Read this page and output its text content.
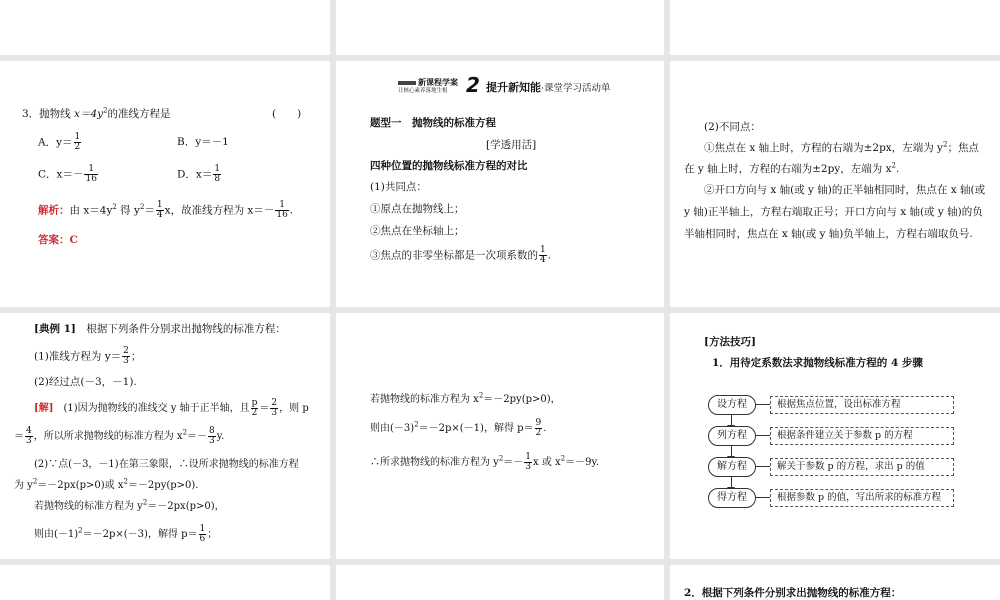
3．抛物线 $x=4y^2$的准线方程是	(　　)
A．$y= \frac{1}{2}$	B．y＝－1
C．$x=- \frac{1}{16}$	D．$x= \frac{1}{8}$
解析：由 $x=4y^2$ 得 $y^2= \frac{1}{4}$ x，故准线方程为 $x=- \frac{1}{16}$ .
答案：C
新课程学案
让核心素养落地生根 2 提升新知能·课堂学习活动单
题型一　抛物线的标准方程
[学透用活]
四种位置的抛物线标准方程的对比
(1)共同点：
①原点在抛物线上；
②焦点在坐标轴上；
③焦点的非零坐标都是一次项系数的 $\frac{1}{4}$ .
(2)不同点：
①焦点在 x 轴上时，方程的右端为±2px，左端为 $y^2$；焦点
在 y 轴上时，方程的右端为±2py，左端为 $x^2$.
②开口方向与 x 轴(或 y 轴)的正半轴相同时，焦点在 x 轴(或
y 轴)正半轴上，方程右端取正号；开口方向与 x 轴(或 y 轴)的负
半轴相同时，焦点在 x 轴(或 y 轴)负半轴上，方程右端取负号.
[典例 1]　根据下列条件分别求出抛物线的标准方程：
(1)准线方程为 $y= \frac{2}{3}$ ；
(2)经过点(－3，－1).
[解]　(1)因为抛物线的准线交 y 轴于正半轴，且 $\frac{p}{2} = \frac{2}{3}$ ，则 p
＝ $\frac{4}{3}$ ，所以所求抛物线的标准方程为 $x^2=- \frac{8}{3} y$.
(2)∵点(－3，－1)在第三象限，∴设所求抛物线的标准方程
为 $y^2=-2px(p>0)$或 $x^2=-2py(p>0)$.
若抛物线的标准方程为 $y^2=-2px(p>0)$，
则由$(-1)^2=-2p\times(-3)$，解得 $p= \frac{1}{6}$ ；
若抛物线的标准方程为 $x^2=-2py(p>0)$，
则由$(-3)^2=-2p\times(-1)$，解得 $p= \frac{9}{2}$ .
∴所求抛物线的标准方程为 $y^2=- \frac{1}{3}$ x 或 $x^2=-9y$.
[方法技巧]
1．用待定系数法求抛物线标准方程的 4 步骤
设方程	根据焦点位置，设出标准方程
列方程	根据条件建立关于参数 p 的方程
解方程	解关于参数 p 的方程，求出 p 的值
得方程	根据参数 p 的值，写出所求的标准方程
2．根据下列条件分别求出抛物线的标准方程：
